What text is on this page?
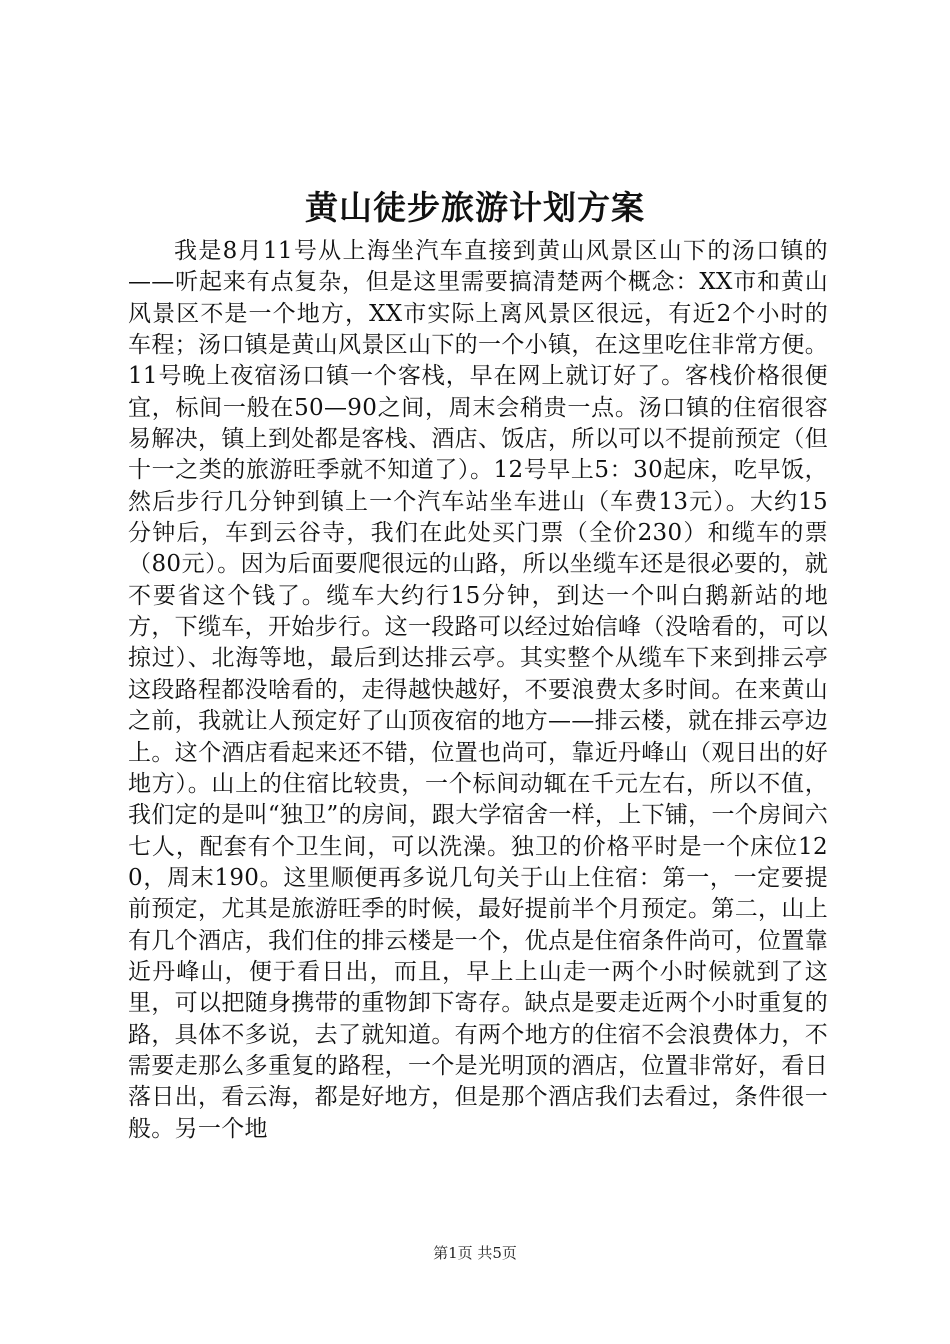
黄山徒步旅游计划方案

我是8月11号从上海坐汽车直接到黄山风景区山下的汤口镇的——听起来有点复杂，但是这里需要搞清楚两个概念：XX市和黄山风景区不是一个地方，XX市实际上离风景区很远，有近2个小时的车程；汤口镇是黄山风景区山下的一个小镇，在这里吃住非常方便。11号晚上夜宿汤口镇一个客栈，早在网上就订好了。客栈价格很便宜，标间一般在50—90之间，周末会稍贵一点。汤口镇的住宿很容易解决，镇上到处都是客栈、酒店、饭店，所以可以不提前预定（但十一之类的旅游旺季就不知道了）。12号早上5：30起床，吃早饭，然后步行几分钟到镇上一个汽车站坐车进山（车费13元）。大约15分钟后，车到云谷寺，我们在此处买门票（全价230）和缆车的票（80元）。因为后面要爬很远的山路，所以坐缆车还是很必要的，就不要省这个钱了。缆车大约行15分钟，到达一个叫白鹅新站的地方，下缆车，开始步行。这一段路可以经过始信峰（没啥看的，可以掠过）、北海等地，最后到达排云亭。其实整个从缆车下来到排云亭这段路程都没啥看的，走得越快越好，不要浪费太多时间。在来黄山之前，我就让人预定好了山顶夜宿的地方——排云楼，就在排云亭边上。这个酒店看起来还不错，位置也尚可，靠近丹峰山（观日出的好地方）。山上的住宿比较贵，一个标间动辄在千元左右，所以不值，我们定的是叫“独卫”的房间，跟大学宿舍一样，上下铺，一个房间六七人，配套有个卫生间，可以洗澡。独卫的价格平时是一个床位120，周末190。这里顺便再多说几句关于山上住宿：第一，一定要提前预定，尤其是旅游旺季的时候，最好提前半个月预定。第二，山上有几个酒店，我们住的排云楼是一个，优点是住宿条件尚可，位置靠近丹峰山，便于看日出，而且，早上上山走一两个小时候就到了这里，可以把随身携带的重物卸下寄存。缺点是要走近两个小时重复的路，具体不多说，去了就知道。有两个地方的住宿不会浪费体力，不需要走那么多重复的路程，一个是光明顶的酒店，位置非常好，看日落日出，看云海，都是好地方，但是那个酒店我们去看过，条件很一般。另一个地

第1页 共5页
